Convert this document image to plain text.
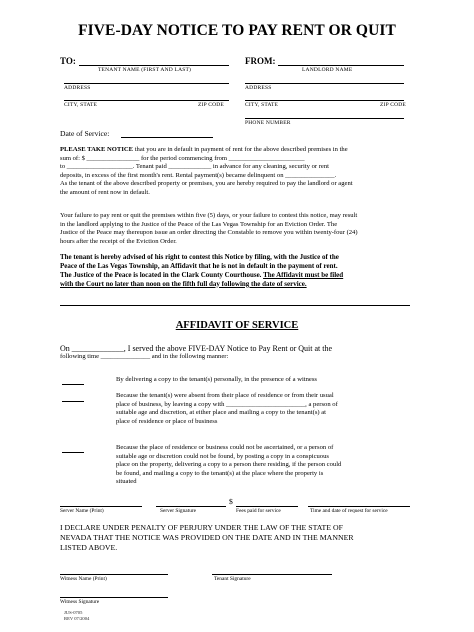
FIVE-DAY NOTICE TO PAY RENT OR QUIT
TO:
TENANT NAME (FIRST AND LAST)
ADDRESS
CITY, STATE	ZIP CODE
FROM:
LANDLORD NAME
ADDRESS
CITY, STATE	ZIP CODE
PHONE NUMBER
Date of Service:

PLEASE TAKE NOTICE that you are in default in payment of rent for the above described premises in the

sum of: $ ________________ for the period commencing from _______________________

to ____________________. Tenant paid _____________ in advance for any cleaning, security or rent

deposits, in excess of the first month's rent. Rental payment(s) became delinquent on _______________.

As the tenant of the above described property or premises, you are hereby required to pay the landlord or agent

the amount of rent now in default.

Your failure to pay rent or quit the premises within five (5) days, or your failure to contest this notice, may result

in the landlord applying to the Justice of the Peace of the Las Vegas Township for an Eviction Order. The

Justice of the Peace may thereupon issue an order directing the Constable to remove you within twenty-four (24)

hours after the receipt of the Eviction Order.

The tenant is hereby advised of his right to contest this Notice by filing, with the Justice of the

Peace of the Las Vegas Township, an Affidavit that he is not in default in the payment of rent.

The Justice of the Peace is located in the Clark County Courthouse. The Affidavit must be filed

with the Court no later than noon on the fifth full day following the date of service.

AFFIDAVIT OF SERVICE
On _____________, I served the above FIVE-DAY Notice to Pay Rent or Quit at the
following time _______________ and in the following manner:

By delivering a copy to the tenant(s) personally, in the presence of a witness

Because the tenant(s) were absent from their place of residence or from their usual

place of business, by leaving a copy with ________________________, a person of

suitable age and discretion, at either place and mailing a copy to the tenant(s) at

place of residence or place of business

Because the place of residence or business could not be ascertained, or a person of

suitable age or discretion could not be found, by posting a copy in a conspicuous

place on the property, delivering a copy to a person there residing, if the person could

be found, and mailing a copy to the tenant(s) at the place where the property is

situated

$
Server Name (Print)	Server Signature	Fees paid for service	Time and date of request for service
I DECLARE UNDER PENALTY OF PERJURY UNDER THE LAW OF THE STATE OF
NEVADA THAT THE NOTICE WAS PROVIDED ON THE DATE AND IN THE MANNER
LISTED ABOVE.
Witness Name (Print)	Tenant Signature
Witness Signature
JUS-0705
REV 07/2004
